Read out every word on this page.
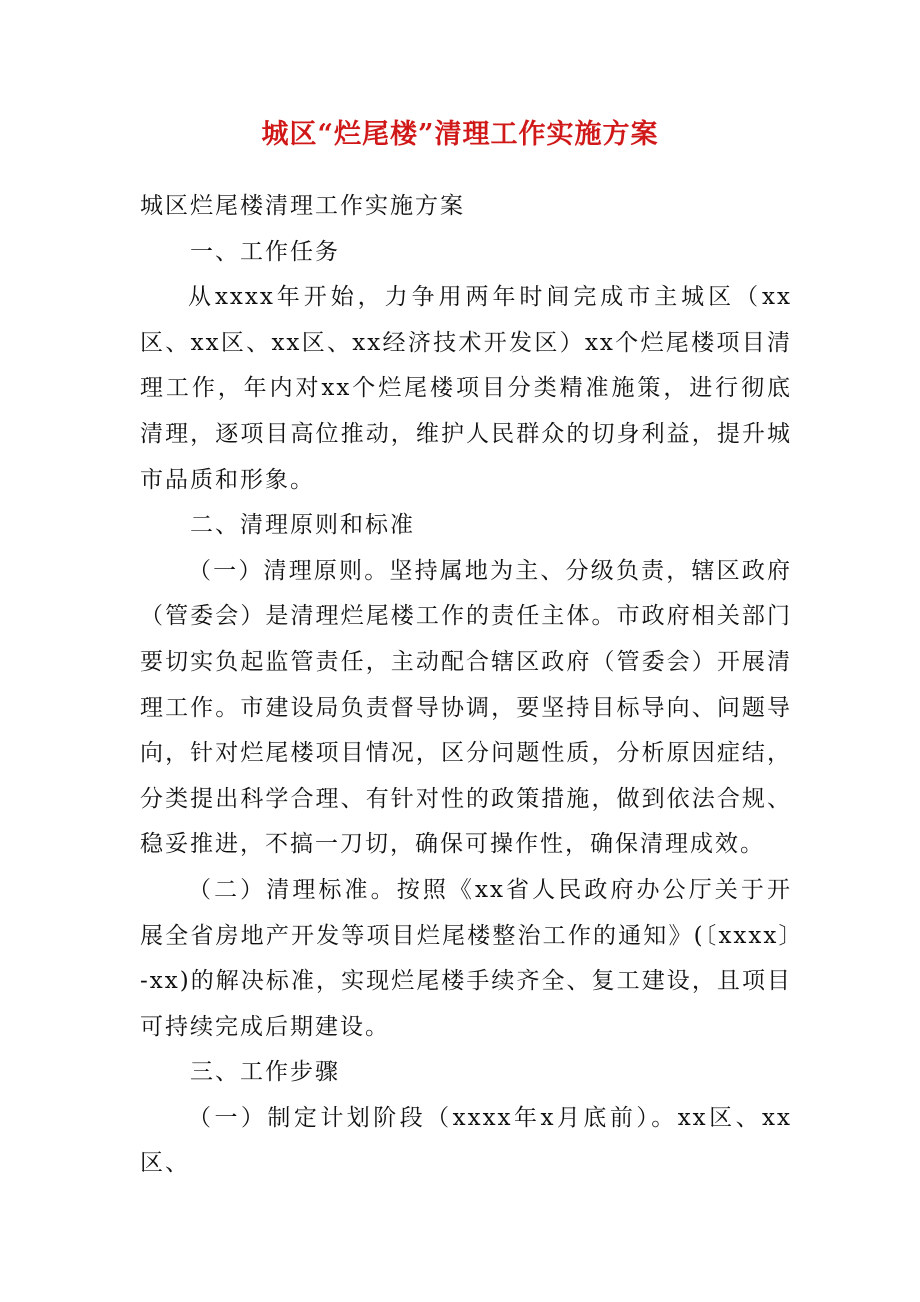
城区“烂尾楼”清理工作实施方案

城区烂尾楼清理工作实施方案

一、工作任务

从xxxx年开始，力争用两年时间完成市主城区（xx区、xx区、xx区、xx经济技术开发区）xx个烂尾楼项目清理工作，年内对xx个烂尾楼项目分类精准施策，进行彻底清理，逐项目高位推动，维护人民群众的切身利益，提升城市品质和形象。

二、清理原则和标准

（一）清理原则。坚持属地为主、分级负责，辖区政府（管委会）是清理烂尾楼工作的责任主体。市政府相关部门要切实负起监管责任，主动配合辖区政府（管委会）开展清理工作。市建设局负责督导协调，要坚持目标导向、问题导向，针对烂尾楼项目情况，区分问题性质，分析原因症结，分类提出科学合理、有针对性的政策措施，做到依法合规、稳妥推进，不搞一刀切，确保可操作性，确保清理成效。

（二）清理标准。按照《xx省人民政府办公厅关于开展全省房地产开发等项目烂尾楼整治工作的通知》(〔xxxx〕-xx)的解决标准，实现烂尾楼手续齐全、复工建设，且项目可持续完成后期建设。

三、工作步骤

（一）制定计划阶段（xxxx年x月底前）。xx区、xx区、
